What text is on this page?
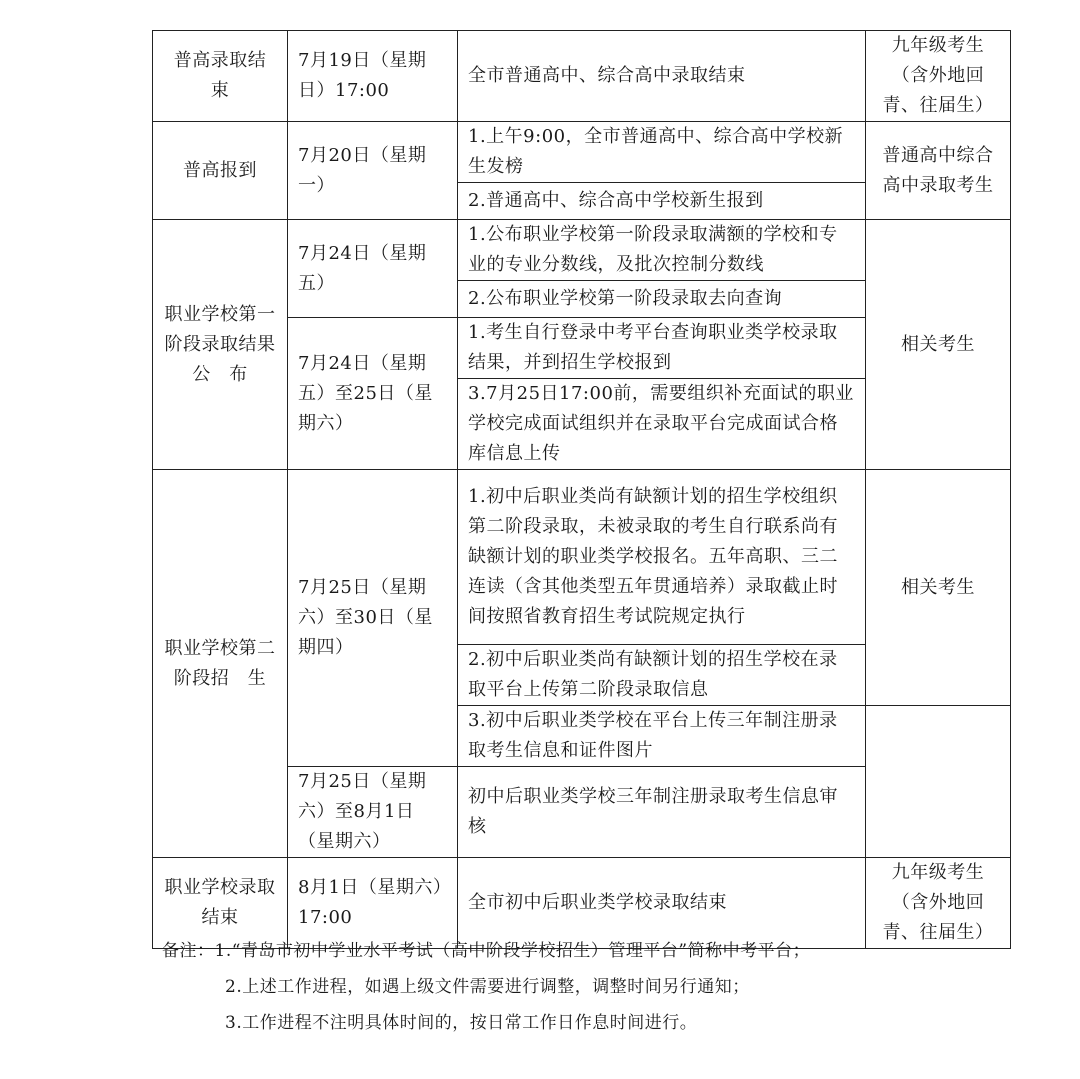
普高录取结　束	7月19日（星期日）17:00	全市普通高中、综合高中录取结束	九年级考生（含外地回青、往届生）
普高报到	7月20日（星期一）	1.上午9:00，全市普通高中、综合高中学校新生发榜	普通高中综合高中录取考生
		2.普通高中、综合高中学校新生报到	
职业学校第一阶段录取结果公　布	7月24日（星期五）	1.公布职业学校第一阶段录取满额的学校和专业的专业分数线，及批次控制分数线	相关考生
		2.公布职业学校第一阶段录取去向查询	
	7月24日（星期五）至25日（星期六）	1.考生自行登录中考平台查询职业类学校录取结果，并到招生学校报到	
		3.7月25日17:00前，需要组织补充面试的职业学校完成面试组织并在录取平台完成面试合格库信息上传	
职业学校第二阶段招　生	7月25日（星期六）至30日（星期四）	1.初中后职业类尚有缺额计划的招生学校组织第二阶段录取，未被录取的考生自行联系尚有缺额计划的职业类学校报名。五年高职、三二连读（含其他类型五年贯通培养）录取截止时间按照省教育招生考试院规定执行	相关考生
		2.初中后职业类尚有缺额计划的招生学校在录取平台上传第二阶段录取信息	
		3.初中后职业类学校在平台上传三年制注册录取考生信息和证件图片	
	7月25日（星期六）至8月1日（星期六）	初中后职业类学校三年制注册录取考生信息审核	
职业学校录取结束	8月1日（星期六）17:00	全市初中后职业类学校录取结束	九年级考生（含外地回青、往届生）
备注：1.“青岛市初中学业水平考试（高中阶段学校招生）管理平台”简称中考平台；
2.上述工作进程，如遇上级文件需要进行调整，调整时间另行通知；
3.工作进程不注明具体时间的，按日常工作日作息时间进行。
